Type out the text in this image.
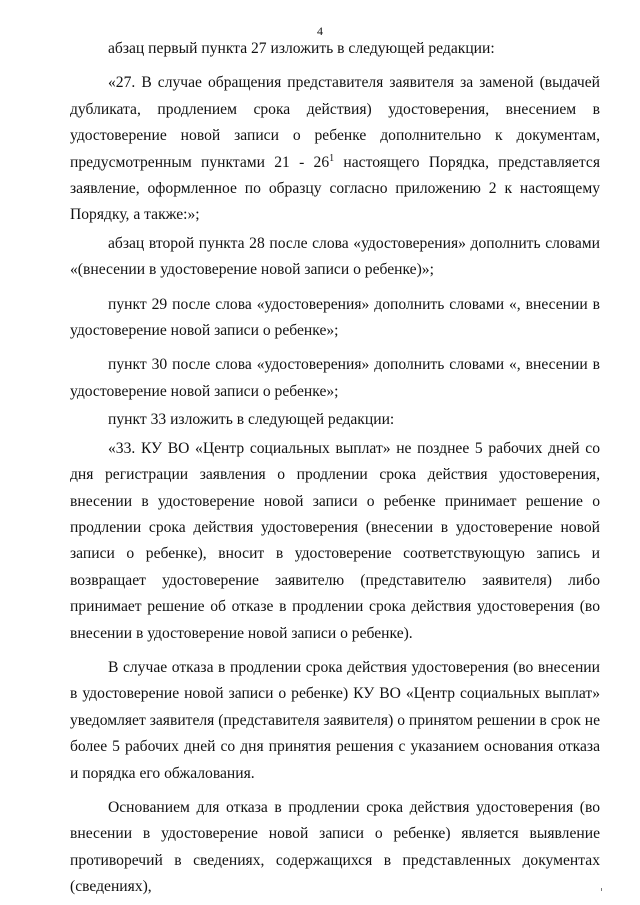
4

абзац первый пункта 27 изложить в следующей редакции:

«27. В случае обращения представителя заявителя за заменой (выдачей дубликата, продлением срока действия) удостоверения, внесением в удостоверение новой записи о ребенке дополнительно к документам, предусмотренным пунктами $21 - 26^1$ настоящего Порядка, представляется заявление, оформленное по образцу согласно приложению 2 к настоящему Порядку, а также:»;

абзац второй пункта 28 после слова «удостоверения» дополнить словами «(внесении в удостоверение новой записи о ребенке)»;

пункт 29 после слова «удостоверения» дополнить словами «, внесении в удостоверение новой записи о ребенке»;

пункт 30 после слова «удостоверения» дополнить словами «, внесении в удостоверение новой записи о ребенке»;

пункт 33 изложить в следующей редакции:

«33. КУ ВО «Центр социальных выплат» не позднее 5 рабочих дней со дня регистрации заявления о продлении срока действия удостоверения, внесении в удостоверение новой записи о ребенке принимает решение о продлении срока действия удостоверения (внесении в удостоверение новой записи о ребенке), вносит в удостоверение соответствующую запись и возвращает удостоверение заявителю (представителю заявителя) либо принимает решение об отказе в продлении срока действия удостоверения (во внесении в удостоверение новой записи о ребенке).

В случае отказа в продлении срока действия удостоверения (во внесении в удостоверение новой записи о ребенке) КУ ВО «Центр социальных выплат» уведомляет заявителя (представителя заявителя) о принятом решении в срок не более 5 рабочих дней со дня принятия решения с указанием основания отказа и порядка его обжалования.

Основанием для отказа в продлении срока действия удостоверения (во внесении в удостоверение новой записи о ребенке) является выявление противоречий в сведениях, содержащихся в представленных документах (сведениях),
